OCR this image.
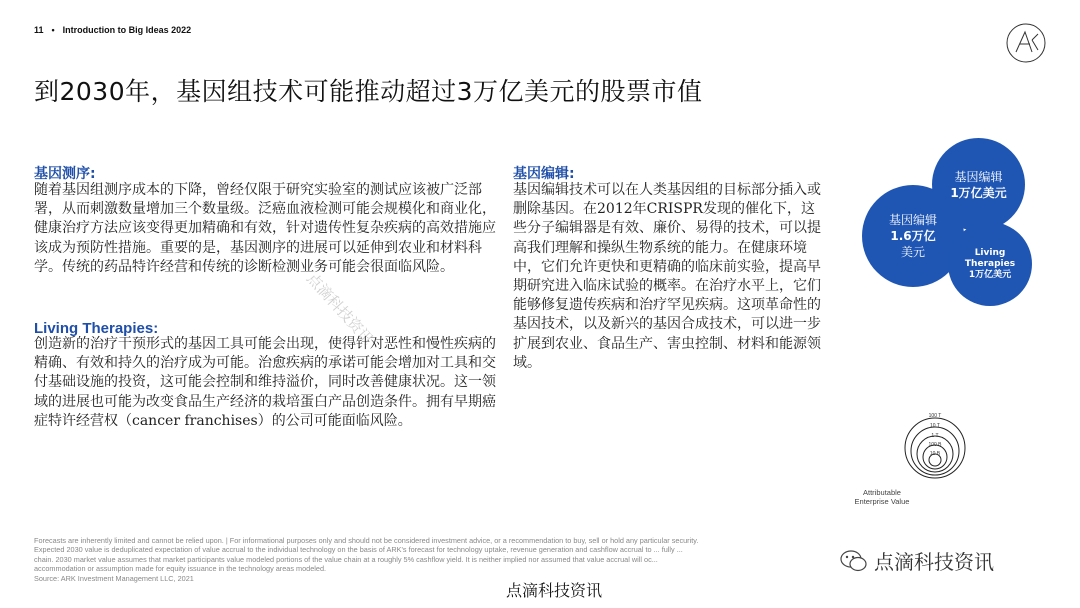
11 • Introduction to Big Ideas 2022
到2030年，基因组技术可能推动超过3万亿美元的股票市值
基因测序:
随着基因组测序成本的下降，曾经仅限于研究实验室的测试应该被广泛部署，从而刺激数量增加三个数量级。泛癌血液检测可能会规模化和商业化，健康治疗方法应该变得更加精确和有效，针对遗传性复杂疾病的高效措施应该成为预防性措施。重要的是，基因测序的进展可以延伸到农业和材料科学。传统的药品特许经营和传统的诊断检测业务可能会很面临风险。
Living Therapies:
创造新的治疗干预形式的基因工具可能会出现，使得针对恶性和慢性疾病的精确、有效和持久的治疗成为可能。治愈疾病的承诺可能会增加对工具和交付基础设施的投资，这可能会控制和维持溢价，同时改善健康状况。这一领域的进展也可能为改变食品生产经济的栽培蛋白产品创造条件。拥有早期癌症特许经营权（cancer franchises）的公司可能面临风险。
基因编辑:
基因编辑技术可以在人类基因组的目标部分插入或删除基因。在2012年CRISPR发现的催化下，这些分子编辑器是有效、廉价、易得的技术，可以提高我们理解和操纵生物系统的能力。在健康环境中，它们允许更快和更精确的临床前实验，提高早期研究进入临床试验的概率。在治疗水平上，它们能够修复遗传疾病和治疗罕见疾病。这项革命性的基因技术，以及新兴的基因合成技术，可以进一步扩展到农业、食品生产、害虫控制、材料和能源领域。
点滴科技资讯
基因编辑
1万亿美元
基因编辑
1.6万亿
美元	Living
Therapies
1万亿美元
100 T
10 T
1 T
100 B
10 B
Attributable
Enterprise Value
Forecasts are inherently limited and cannot be relied upon. | For informational purposes only and should not be considered investment advice, or a recommendation to buy, sell or hold any particular security.
Expected 2030 value is deduplicated expectation of value accrual to the individual technology on the basis of ARK's forecast for technology uptake, revenue generation and cashflow accrual to ... fully ...
chain. 2030 market value assumes that market participants value modeled portions of the value chain at a roughly 5% cashflow yield. It is neither implied nor assumed that value accrual will oc...
accommodation or assumption made for equity issuance in the technology areas modeled.
Source: ARK Investment Management LLC, 2021
点滴科技资讯
点滴科技资讯
